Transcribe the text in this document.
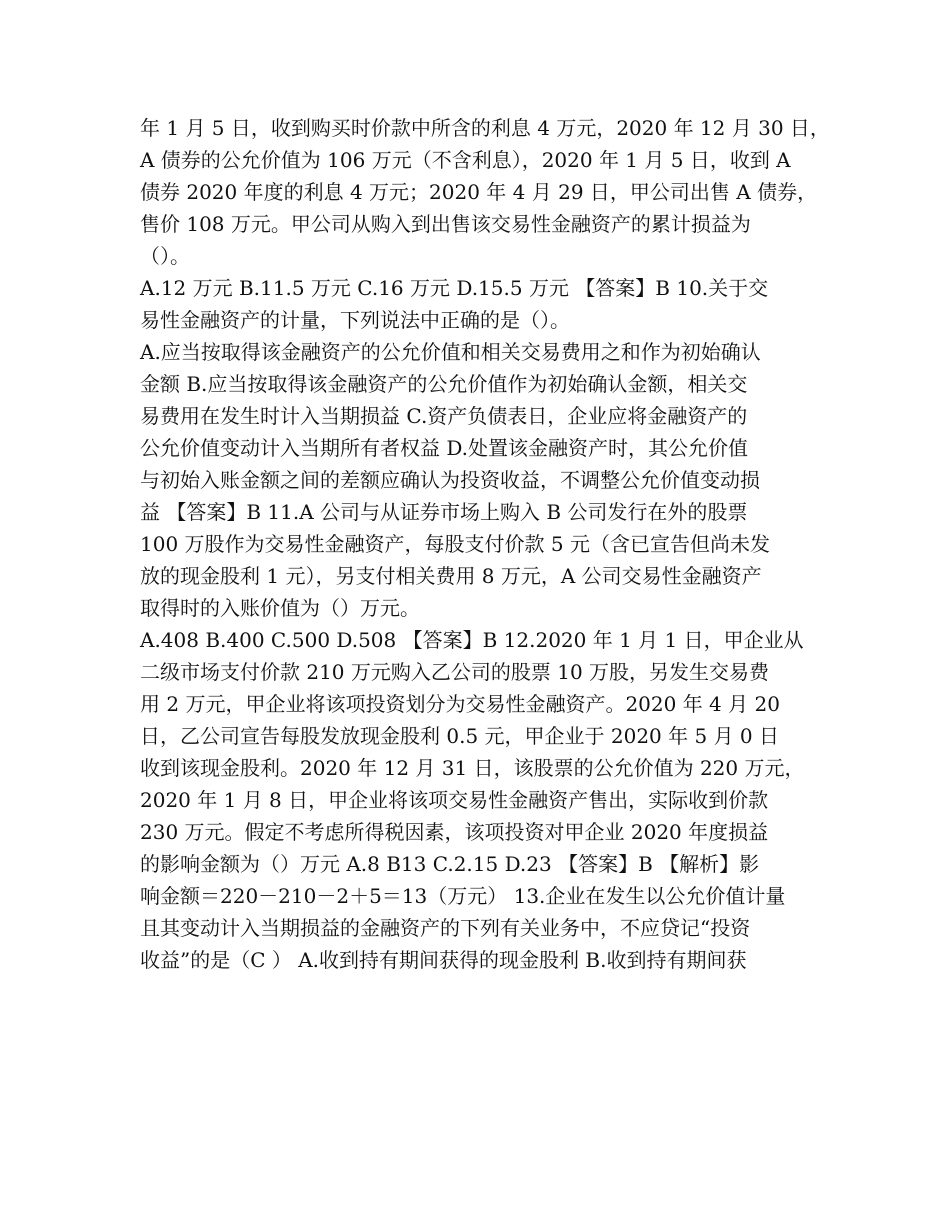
年 1 月 5 日，收到购买时价款中所含的利息 4 万元，2020 年 12 月 30 日，
A 债券的公允价值为 106 万元（不含利息），2020 年 1 月 5 日，收到 A
债券 2020 年度的利息 4 万元；2020 年 4 月 29 日，甲公司出售 A 债券，
售价 108 万元。甲公司从购入到出售该交易性金融资产的累计损益为
（）。
A.12 万元 B.11.5 万元 C.16 万元 D.15.5 万元 【答案】B 10.关于交
易性金融资产的计量，下列说法中正确的是（）。
A.应当按取得该金融资产的公允价值和相关交易费用之和作为初始确认
金额 B.应当按取得该金融资产的公允价值作为初始确认金额，相关交
易费用在发生时计入当期损益 C.资产负债表日，企业应将金融资产的
公允价值变动计入当期所有者权益 D.处置该金融资产时，其公允价值
与初始入账金额之间的差额应确认为投资收益，不调整公允价值变动损
益 【答案】B 11.A 公司与从证券市场上购入 B 公司发行在外的股票
100 万股作为交易性金融资产，每股支付价款 5 元（含已宣告但尚未发
放的现金股利 1 元），另支付相关费用 8 万元，A 公司交易性金融资产
取得时的入账价值为（）万元。
A.408 B.400 C.500 D.508 【答案】B 12.2020 年 1 月 1 日，甲企业从
二级市场支付价款 210 万元购入乙公司的股票 10 万股，另发生交易费
用 2 万元，甲企业将该项投资划分为交易性金融资产。2020 年 4 月 20
日，乙公司宣告每股发放现金股利 0.5 元，甲企业于 2020 年 5 月 0 日
收到该现金股利。2020 年 12 月 31 日，该股票的公允价值为 220 万元，
2020 年 1 月 8 日，甲企业将该项交易性金融资产售出，实际收到价款
230 万元。假定不考虑所得税因素，该项投资对甲企业 2020 年度损益
的影响金额为（）万元 A.8 B13 C.2.15 D.23 【答案】B 【解析】影
响金额＝220－210－2＋5＝13（万元） 13.企业在发生以公允价值计量
且其变动计入当期损益的金融资产的下列有关业务中，不应贷记“投资
收益”的是（C ） A.收到持有期间获得的现金股利 B.收到持有期间获
